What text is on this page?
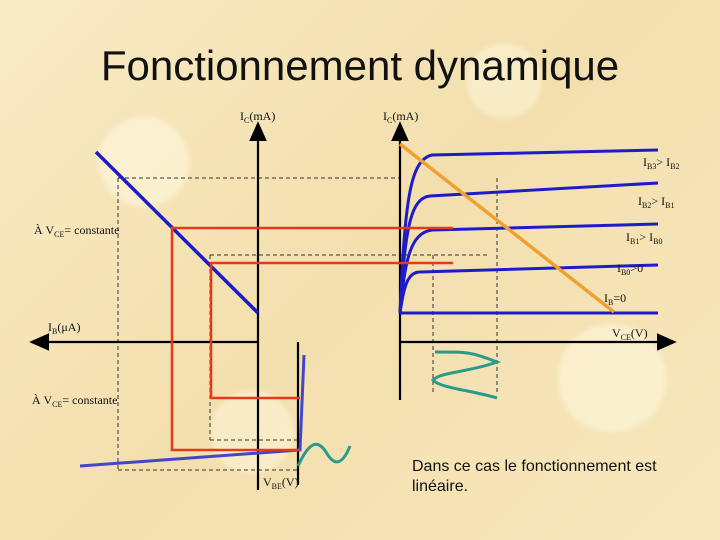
Fonctionnement dynamique
$I_C(mA)$	$I_C(mA)$
$I_B(\mu A)$	$V_{CE}(V)$
$V_{BE}(V)$
$I_{B3}> I_{B2}$
$I_{B2}> I_{B1}$
$I_{B1}> I_{B0}$
$I_{B0}>0$
$I_B=0$
À $V_{CE}=$ constante
À $V_{CE}=$ constante
Dans ce cas le fonctionnement est linéaire.
